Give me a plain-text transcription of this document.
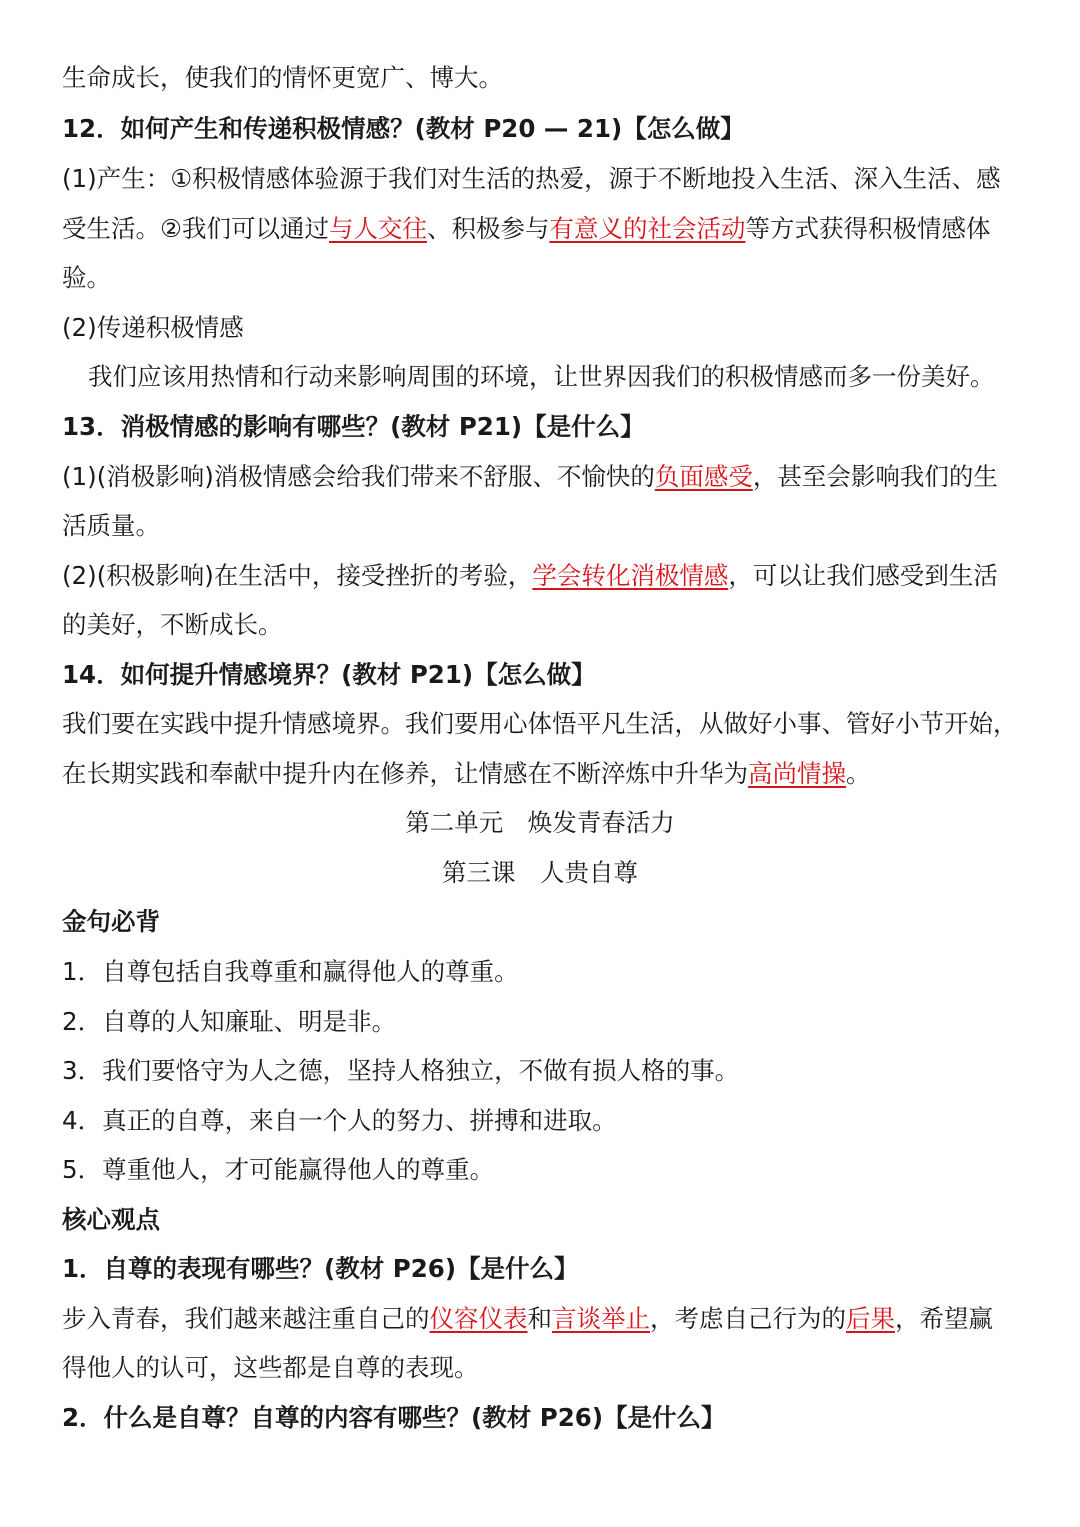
生命成长，使我们的情怀更宽广、博大。
12．如何产生和传递积极情感？(教材 P20 — 21)【怎么做】
(1)产生：①积极情感体验源于我们对生活的热爱，源于不断地投入生活、深入生活、感
受生活。②我们可以通过与人交往、积极参与有意义的社会活动等方式获得积极情感体
验。
(2)传递积极情感
我们应该用热情和行动来影响周围的环境，让世界因我们的积极情感而多一份美好。
13．消极情感的影响有哪些？(教材 P21)【是什么】
(1)(消极影响)消极情感会给我们带来不舒服、不愉快的负面感受，甚至会影响我们的生
活质量。
(2)(积极影响)在生活中，接受挫折的考验，学会转化消极情感，可以让我们感受到生活
的美好，不断成长。
14．如何提升情感境界？(教材 P21)【怎么做】
我们要在实践中提升情感境界。我们要用心体悟平凡生活，从做好小事、管好小节开始，
在长期实践和奉献中提升内在修养，让情感在不断淬炼中升华为高尚情操。
第二单元　焕发青春活力
第三课　人贵自尊
金句必背
1．自尊包括自我尊重和赢得他人的尊重。
2．自尊的人知廉耻、明是非。
3．我们要恪守为人之德，坚持人格独立，不做有损人格的事。
4．真正的自尊，来自一个人的努力、拼搏和进取。
5．尊重他人，才可能赢得他人的尊重。
核心观点
1．自尊的表现有哪些？(教材 P26)【是什么】
步入青春，我们越来越注重自己的仪容仪表和言谈举止，考虑自己行为的后果，希望赢
得他人的认可，这些都是自尊的表现。
2．什么是自尊？自尊的内容有哪些？(教材 P26)【是什么】
